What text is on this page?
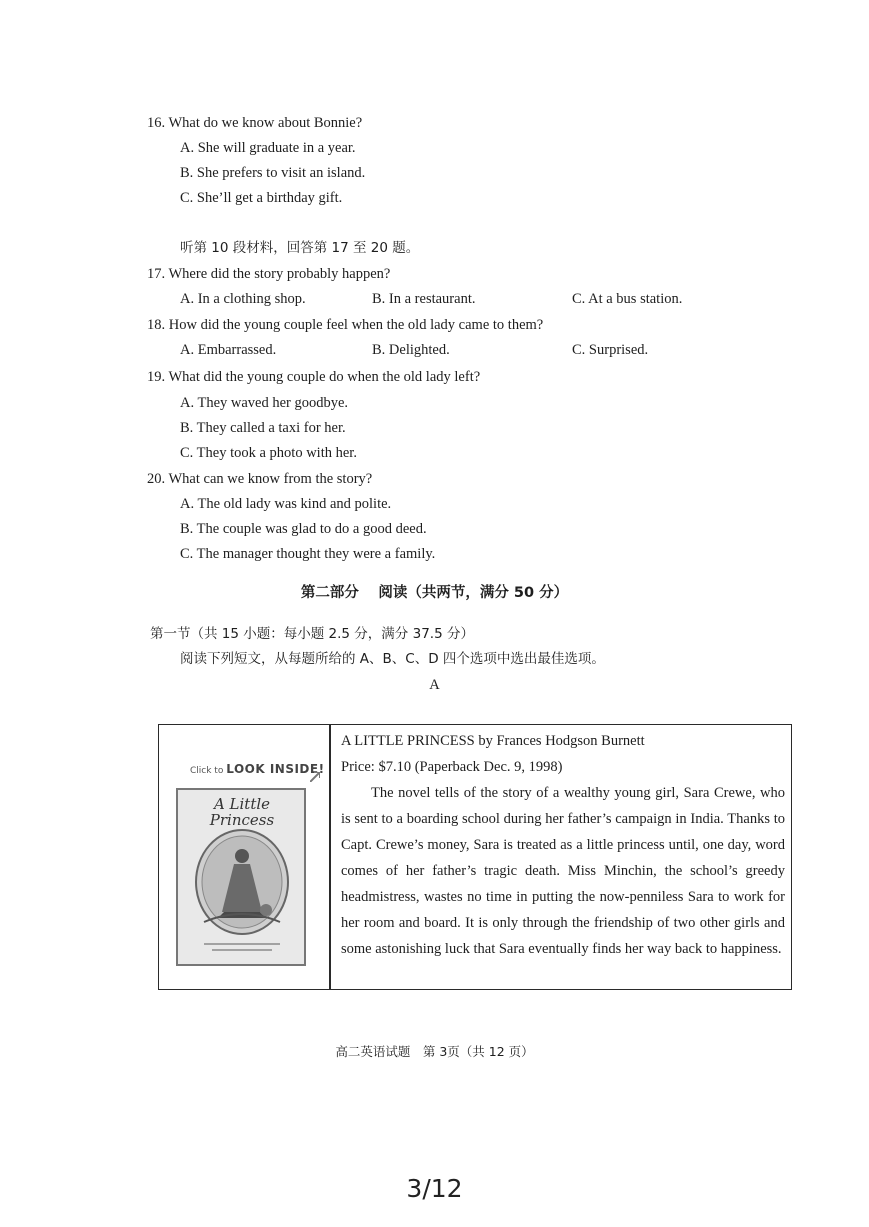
16. What do we know about Bonnie?
A. She will graduate in a year.
B. She prefers to visit an island.
C. She’ll get a birthday gift.
听第 10 段材料，回答第 17 至 20 题。
17. Where did the story probably happen?
A. In a clothing shop.	B. In a restaurant.	C. At a bus station.
18. How did the young couple feel when the old lady came to them?
A. Embarrassed.	B. Delighted.	C. Surprised.
19. What did the young couple do when the old lady left?
A. They waved her goodbye.
B. They called a taxi for her.
C. They took a photo with her.
20. What can we know from the story?
A. The old lady was kind and polite.
B. The couple was glad to do a good deed.
C. The manager thought they were a family.
第二部分　 阅读（共两节，满分 50 分）
第一节（共 15 小题：每小题 2.5 分，满分 37.5 分）
阅读下列短文，从每题所给的 A、B、C、D 四个选项中选出最佳选项。
A
Click to LOOK INSIDE!
A Little Princess
A LITTLE PRINCESS by Frances Hodgson Burnett
Price: $7.10 (Paperback Dec. 9, 1998)
The novel tells of the story of a wealthy young girl, Sara Crewe, who is sent to a boarding school during her father’s campaign in India. Thanks to Capt. Crewe’s money, Sara is treated as a little princess until, one day, word comes of her father’s tragic death. Miss Minchin, the school’s greedy headmistress, wastes no time in putting the now-penniless Sara to work for her room and board. It is only through the friendship of two other girls and some astonishing luck that Sara eventually finds her way back to happiness.
高二英语试题　第 3页（共 12 页）
3/12
